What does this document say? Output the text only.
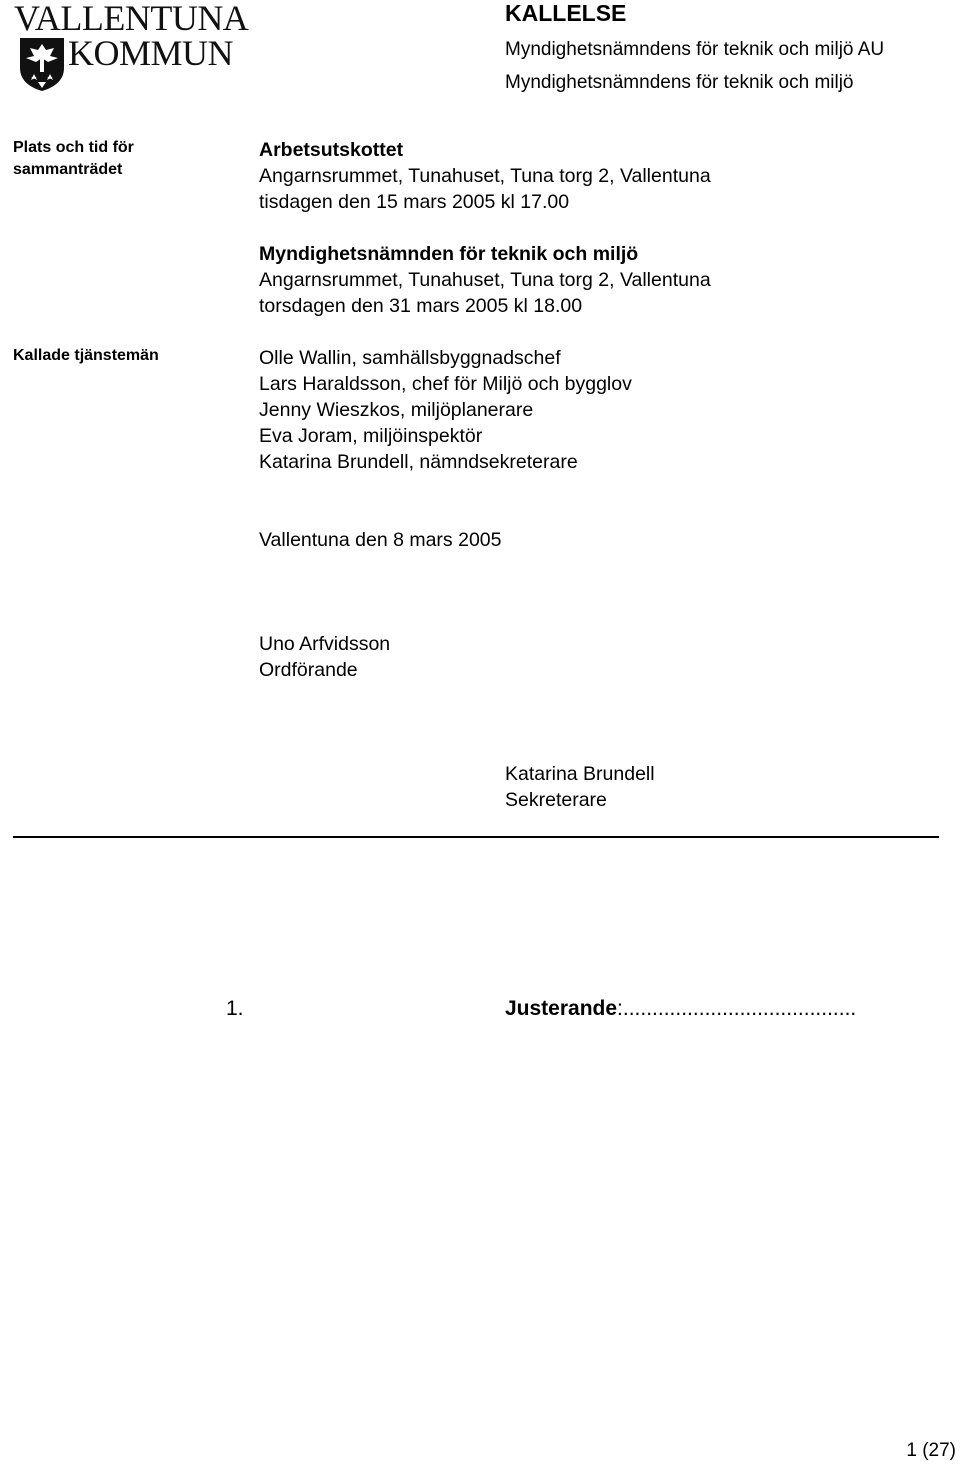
VALLENTUNA
KOMMUN
KALLELSE
Myndighetsnämndens för teknik och miljö AU
Myndighetsnämndens för teknik och miljö
Plats och tid för
sammanträdet
Arbetsutskottet
Angarnsrummet, Tunahuset, Tuna torg 2, Vallentuna
tisdagen den 15 mars 2005 kl 17.00
Myndighetsnämnden för teknik och miljö
Angarnsrummet, Tunahuset, Tuna torg 2, Vallentuna
torsdagen den 31 mars 2005 kl 18.00
Kallade tjänstemän	Olle Wallin, samhällsbyggnadschef
Lars Haraldsson, chef för Miljö och bygglov
Jenny Wieszkos, miljöplanerare
Eva Joram, miljöinspektör
Katarina Brundell, nämndsekreterare
Vallentuna den 8 mars 2005
Uno Arfvidsson
Ordförande
Katarina Brundell
Sekreterare
1.	Justerande:........................................
1 (27)
